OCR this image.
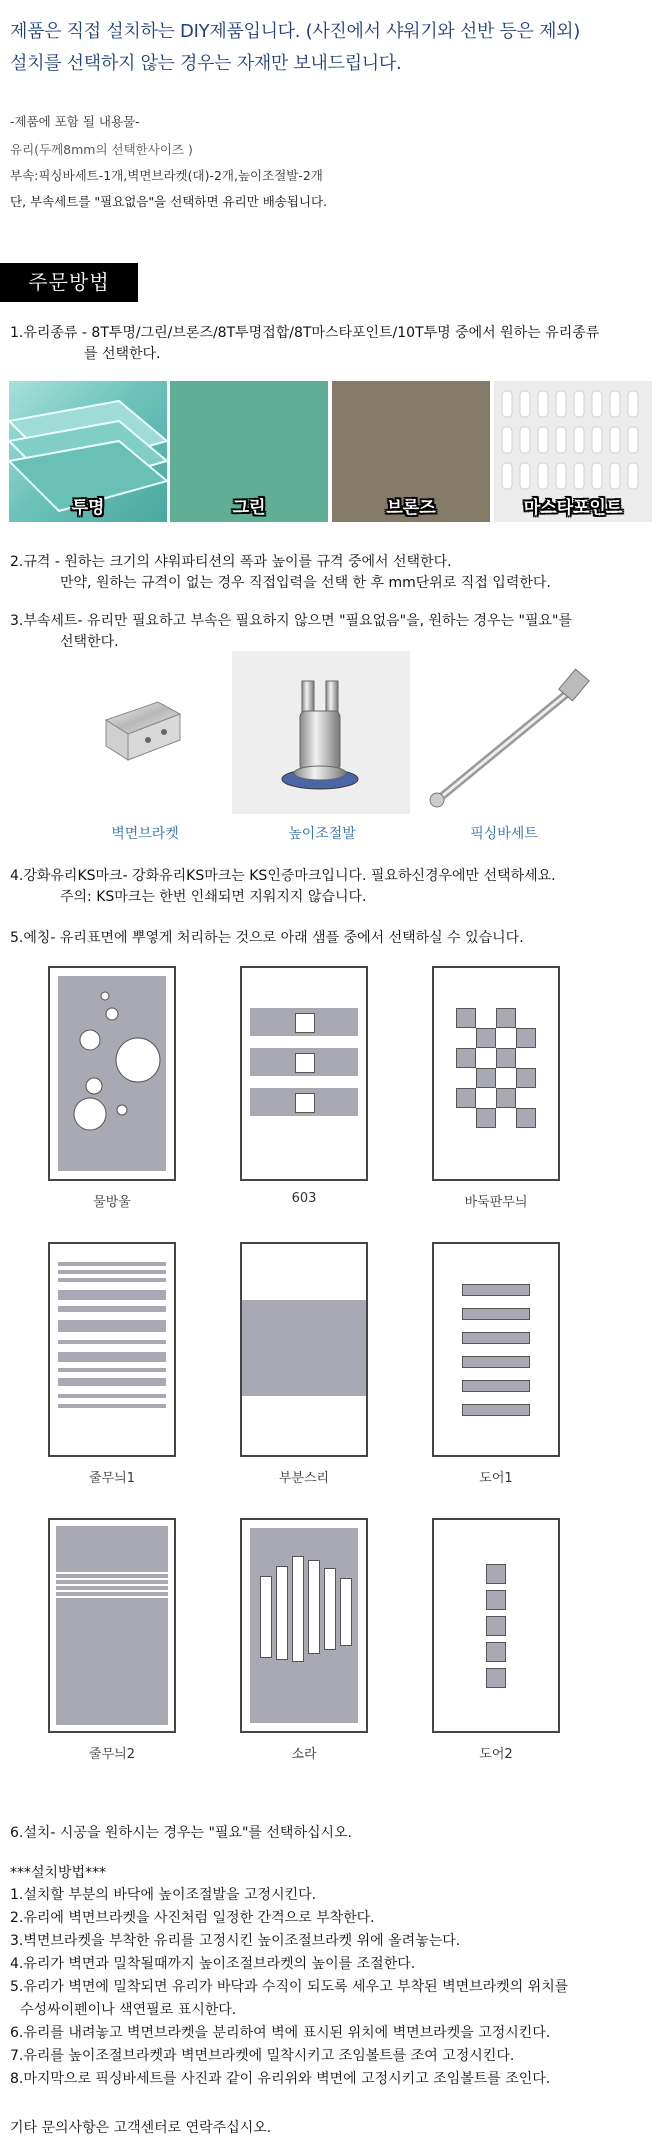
제품은 직접 설치하는 DIY제품입니다. (사진에서 샤워기와 선반 등은 제외)
설치를 선택하지 않는 경우는 자재만 보내드립니다.
-제품에 포함 될 내용물-
유리(두께8mm의 선택한사이즈 )
부속:픽싱바세트-1개,벽면브라켓(대)-2개,높이조절발-2개
단, 부속세트를 "필요없음"을 선택하면 유리만 배송됩니다.
주문방법
1.유리종류 - 8T투명/그린/브론즈/8T투명접합/8T마스타포인트/10T투명 중에서 원하는 유리종류
를 선택한다.
투명	그린	브론즈	마스타포인트
2.규격 - 원하는 크기의 샤워파티션의 폭과 높이를 규격 중에서 선택한다.
만약, 원하는 규격이 없는 경우 직접입력을 선택 한 후 mm단위로 직접 입력한다.
3.부속세트- 유리만 필요하고 부속은 필요하지 않으면 "필요없음"을, 원하는 경우는 "필요"를
선택한다.
벽면브라켓	높이조절발	픽싱바세트
4.강화유리KS마크- 강화유리KS마크는 KS인증마크입니다. 필요하신경우에만 선택하세요.
주의: KS마크는 한번 인쇄되면 지워지지 않습니다.
5.에칭- 유리표면에 뿌옇게 처리하는 것으로 아래 샘플 중에서 선택하실 수 있습니다.
물방울	603	바둑판무늬
줄무늬1	부분스리	도어1
줄무늬2	소라	도어2
6.설치- 시공을 원하시는 경우는 "필요"를 선택하십시오.
***설치방법***
1.설치할 부분의 바닥에 높이조절발을 고정시킨다.
2.유리에 벽면브라켓을 사진처럼 일정한 간격으로 부착한다.
3.벽면브라켓을 부착한 유리를 고정시킨 높이조절브라켓 위에 올려놓는다.
4.유리가 벽면과 밀착될때까지 높이조절브라켓의 높이를 조절한다.
5.유리가 벽면에 밀착되면 유리가 바닥과 수직이 되도록 세우고 부착된 벽면브라켓의 위치를
수성싸이펜이나 색연필로 표시한다.
6.유리를 내려놓고 벽면브라켓을 분리하여 벽에 표시된 위치에 벽면브라켓을 고정시킨다.
7.유리를 높이조절브라켓과 벽면브라켓에 밀착시키고 조임볼트를 조여 고정시킨다.
8.마지막으로 픽싱바세트를 사진과 같이 유리위와 벽면에 고정시키고 조임볼트를 조인다.
기타 문의사항은 고객센터로 연락주십시오.
